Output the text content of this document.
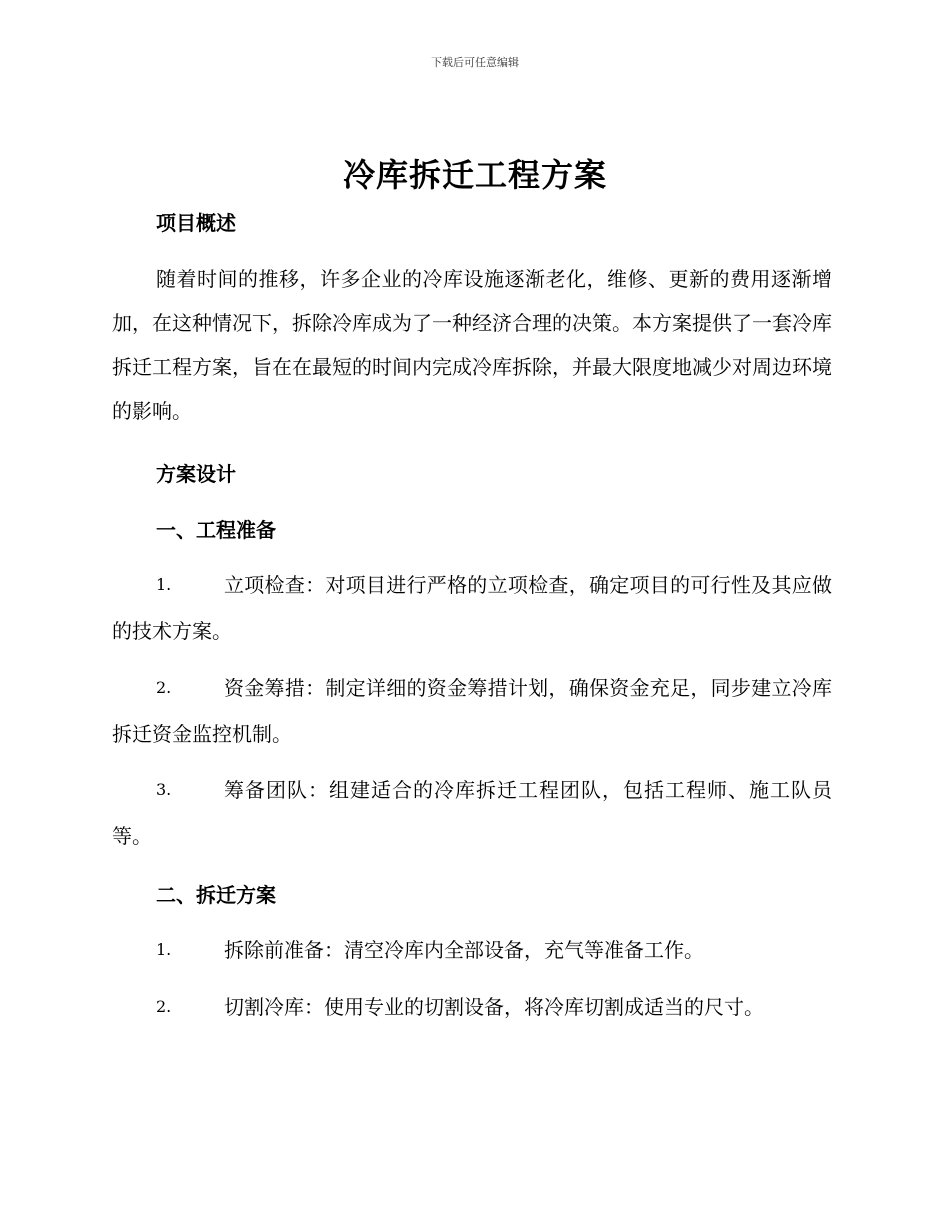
下载后可任意编辑
冷库拆迁工程方案
项目概述
随着时间的推移，许多企业的冷库设施逐渐老化，维修、更新的费用逐渐增加，在这种情况下，拆除冷库成为了一种经济合理的决策。本方案提供了一套冷库拆迁工程方案，旨在在最短的时间内完成冷库拆除，并最大限度地减少对周边环境的影响。
方案设计
一、工程准备
1.	立项检查：对项目进行严格的立项检查，确定项目的可行性及其应做的技术方案。
2.	资金筹措：制定详细的资金筹措计划，确保资金充足，同步建立冷库拆迁资金监控机制。
3.	筹备团队：组建适合的冷库拆迁工程团队，包括工程师、施工队员等。
二、拆迁方案
1.	拆除前准备：清空冷库内全部设备，充气等准备工作。
2.	切割冷库：使用专业的切割设备，将冷库切割成适当的尺寸。
